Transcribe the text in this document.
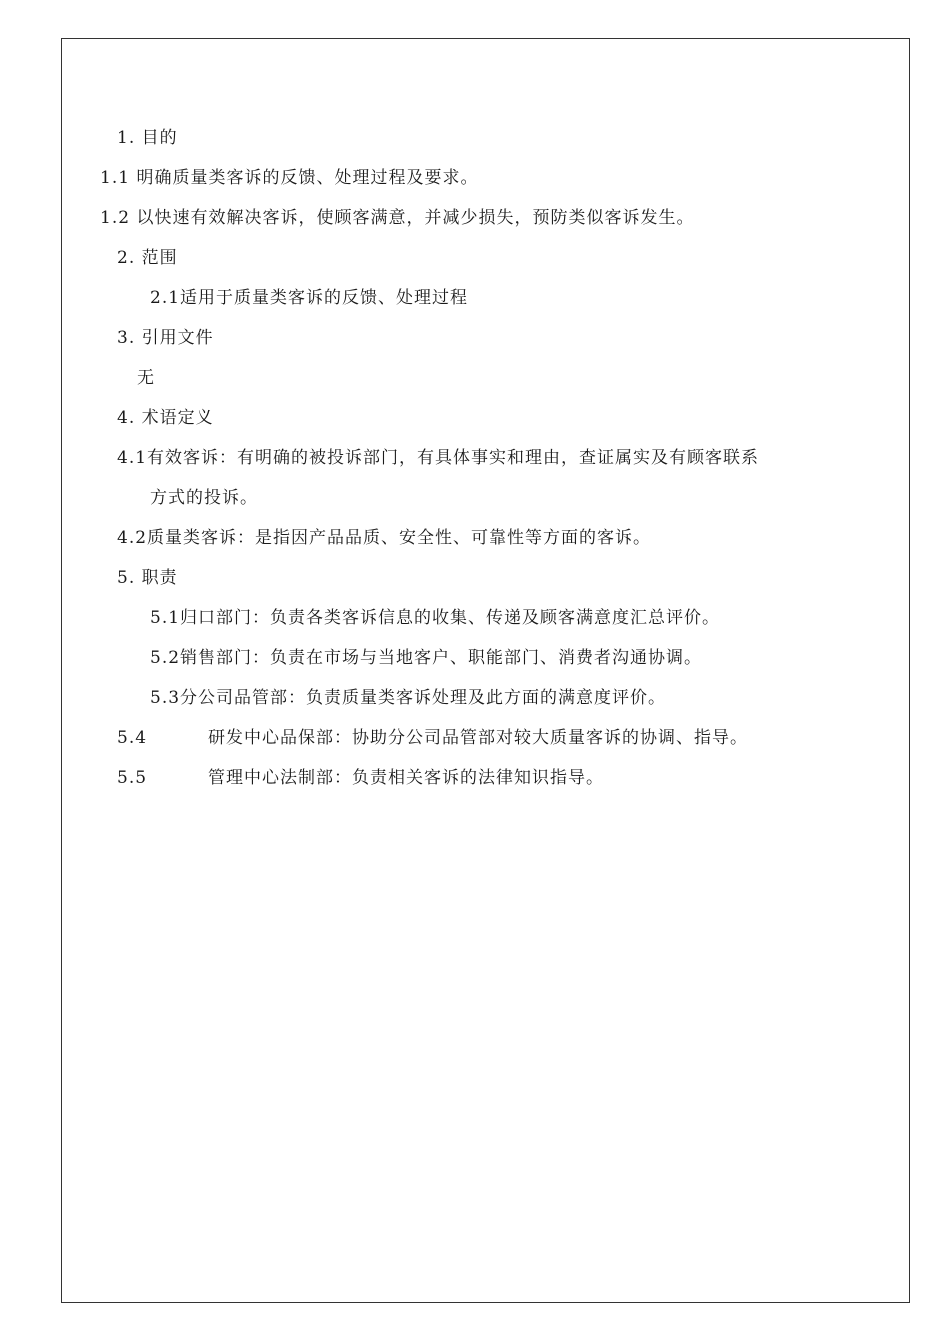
1. 目的
1.1 明确质量类客诉的反馈、处理过程及要求。
1.2 以快速有效解决客诉，使顾客满意，并减少损失，预防类似客诉发生。
2. 范围
2.1适用于质量类客诉的反馈、处理过程
3. 引用文件
无
4. 术语定义
4.1有效客诉：有明确的被投诉部门，有具体事实和理由，查证属实及有顾客联系
方式的投诉。
4.2质量类客诉：是指因产品品质、安全性、可靠性等方面的客诉。
5. 职责
5.1归口部门：负责各类客诉信息的收集、传递及顾客满意度汇总评价。
5.2销售部门：负责在市场与当地客户、职能部门、消费者沟通协调。
5.3分公司品管部：负责质量类客诉处理及此方面的满意度评价。
5.4	研发中心品保部：协助分公司品管部对较大质量客诉的协调、指导。
5.5	管理中心法制部：负责相关客诉的法律知识指导。
